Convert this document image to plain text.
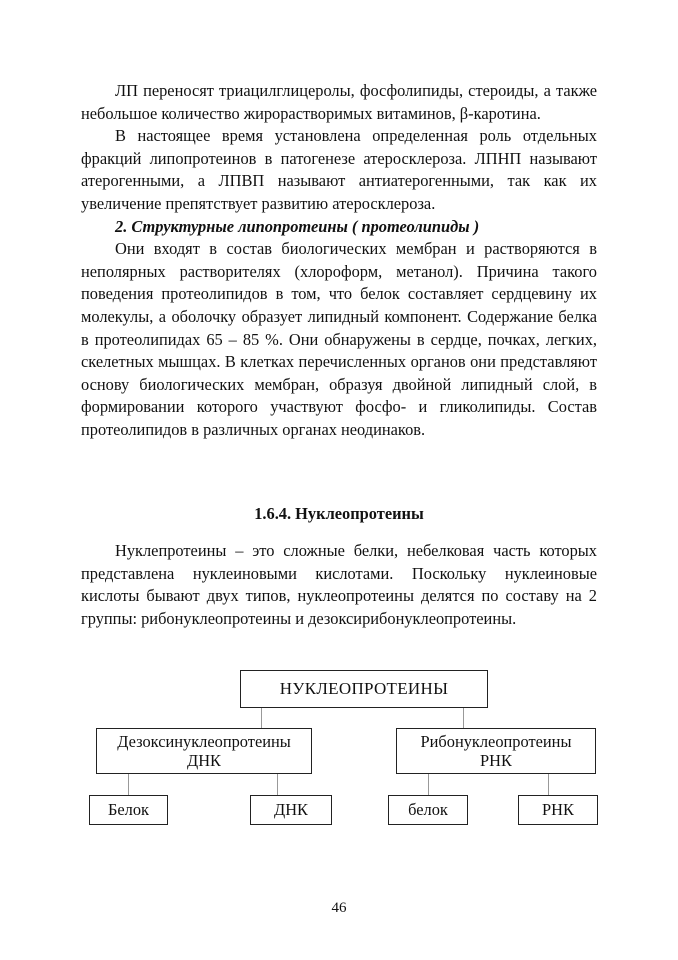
ЛП переносят триацилглицеролы, фосфолипиды, стероиды, а также небольшое количество жирорастворимых витаминов, β-каротина.

В настоящее время установлена определенная роль отдельных фракций липопротеинов в патогенезе атеросклероза. ЛПНП называют атерогенными, а ЛПВП называют антиатерогенными, так как их увеличение препятствует развитию атеросклероза.

2. Структурные липопротеины ( протеолипиды )

Они входят в состав биологических мембран и растворяются в неполярных растворителях (хлороформ, метанол). Причина такого поведения протеолипидов в том, что белок составляет сердцевину их молекулы, а оболочку образует липидный компонент. Содержание белка в протеолипидах 65 – 85 %. Они обнаружены в сердце, почках, легких, скелетных мышцах. В клетках перечисленных органов они представляют основу биологических мембран, образуя двойной липидный слой, в формировании которого участвуют фосфо- и гликолипиды. Состав протеолипидов в различных органах неодинаков.

1.6.4. Нуклеопротеины

Нуклепротеины – это сложные белки, небелковая часть которых представлена нуклеиновыми кислотами. Поскольку нуклеиновые кислоты бывают двух типов, нуклеопротеины делятся по составу на 2 группы: рибонуклеопротеины и дезоксирибонуклеопротеины.

НУКЛЕОПРОТЕИНЫ
Дезоксинуклеопротеины
ДНК
Рибонуклеопротеины
РНК
Белок	ДНК	белок	РНК

46
